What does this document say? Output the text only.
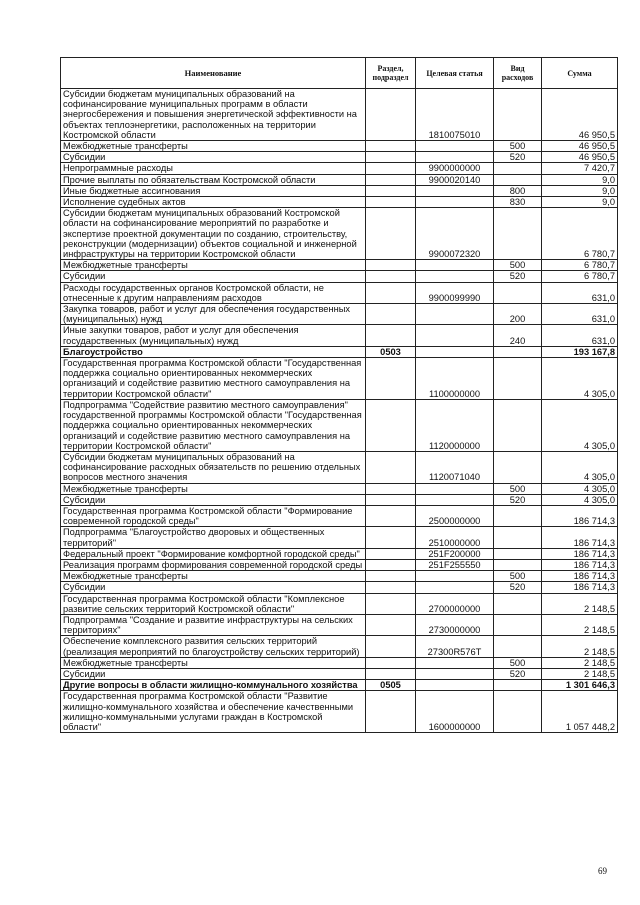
Наименование	Раздел, подраздел	Целевая статья	Вид расходов	Сумма
Субсидии бюджетам муниципальных образований на софинансирование муниципальных программ в области энергосбережения и повышения энергетической эффективности на объектах теплоэнергетики, расположенных на территории Костромской области		1810075010		46 950,5
Межбюджетные трансферты			500	46 950,5
Субсидии			520	46 950,5
Непрограммные расходы		9900000000		7 420,7
Прочие выплаты по обязательствам Костромской области		9900020140		9,0
Иные бюджетные ассигнования			800	9,0
Исполнение судебных актов			830	9,0
Субсидии бюджетам муниципальных образований Костромской области на софинансирование мероприятий по разработке и экспертизе проектной документации по созданию, строительству, реконструкции (модернизации) объектов социальной и инженерной инфраструктуры на территории Костромской области		9900072320		6 780,7
Межбюджетные трансферты			500	6 780,7
Субсидии			520	6 780,7
Расходы государственных органов Костромской области, не отнесенные к другим направлениям расходов		9900099990		631,0
Закупка товаров, работ и услуг для обеспечения государственных (муниципальных) нужд			200	631,0
Иные закупки товаров, работ и услуг для обеспечения государственных (муниципальных) нужд			240	631,0
Благоустройство	0503			193 167,8
Государственная программа Костромской области "Государственная поддержка социально ориентированных некоммерческих организаций и содействие развитию местного самоуправления на территории Костромской области"		1100000000		4 305,0
Подпрограмма "Содействие развитию местного самоуправления" государственной программы Костромской области "Государственная поддержка социально ориентированных некоммерческих организаций и содействие развитию местного самоуправления на территории Костромской области"		1120000000		4 305,0
Субсидии бюджетам муниципальных образований на софинансирование расходных обязательств по решению отдельных вопросов местного значения		1120071040		4 305,0
Межбюджетные трансферты			500	4 305,0
Субсидии			520	4 305,0
Государственная программа Костромской области "Формирование современной городской среды"		2500000000		186 714,3
Подпрограмма "Благоустройство дворовых и общественных территорий"		2510000000		186 714,3
Федеральный проект "Формирование комфортной городской среды"		251F200000		186 714,3
Реализация программ формирования современной городской среды		251F255550		186 714,3
Межбюджетные трансферты			500	186 714,3
Субсидии			520	186 714,3
Государственная программа Костромской области "Комплексное развитие сельских территорий Костромской области"		2700000000		2 148,5
Подпрограмма "Создание и развитие инфраструктуры на сельских территориях"		2730000000		2 148,5
Обеспечение комплексного развития сельских территорий (реализация мероприятий по благоустройству сельских территорий)		27300R576T		2 148,5
Межбюджетные трансферты			500	2 148,5
Субсидии			520	2 148,5
Другие вопросы в области жилищно-коммунального хозяйства	0505			1 301 646,3
Государственная программа Костромской области "Развитие жилищно-коммунального хозяйства и обеспечение качественными жилищно-коммунальными услугами граждан в Костромской области"		1600000000		1 057 448,2
69
